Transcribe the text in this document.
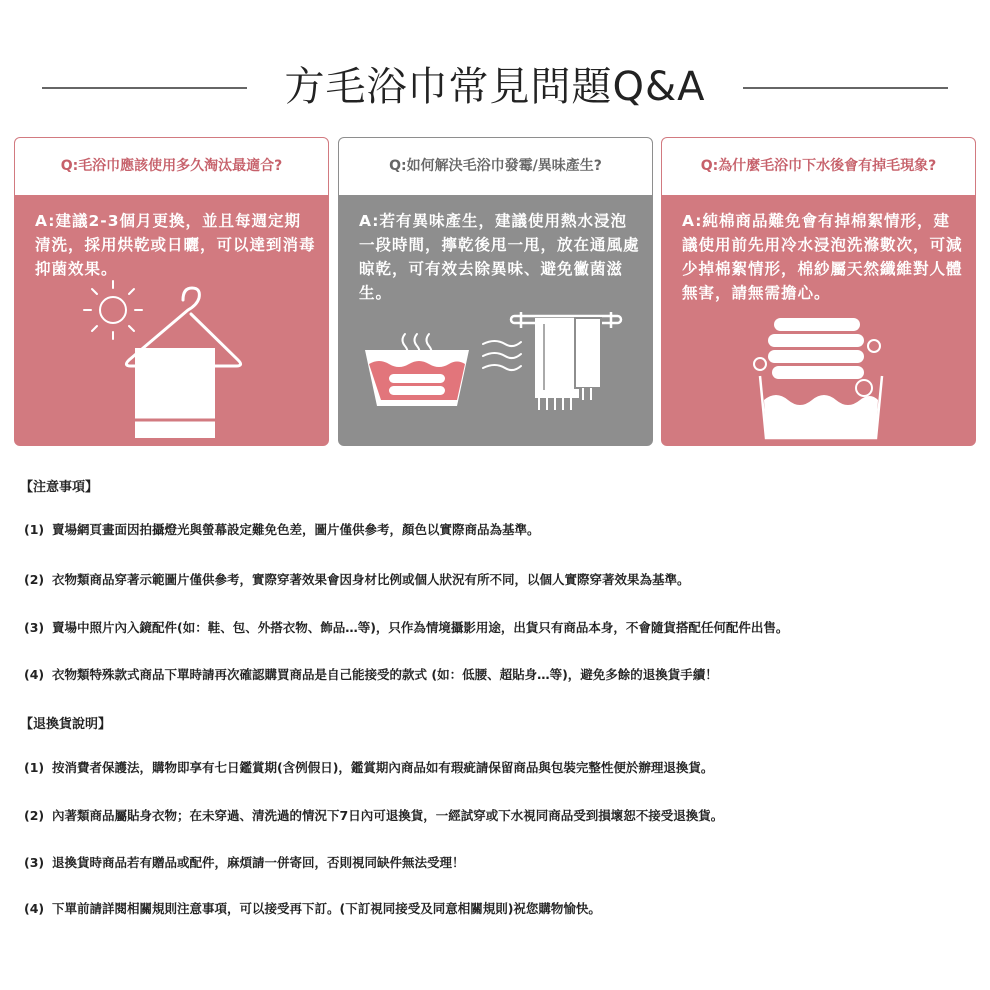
方毛浴巾常見問題Q&A
Q:毛浴巾應該使用多久淘汰最適合?
A:建議2-3個月更換，並且每週定期清洗，採用烘乾或日曬，可以達到消毒抑菌效果。
Q:如何解決毛浴巾發霉/異味產生?
A:若有異味產生，建議使用熱水浸泡一段時間，擰乾後甩一甩，放在通風處晾乾，可有效去除異味、避免黴菌滋生。
Q:為什麼毛浴巾下水後會有掉毛現象?
A:純棉商品難免會有掉棉絮情形，建議使用前先用冷水浸泡洗滌數次，可減少掉棉絮情形，棉紗屬天然纖維對人體無害，請無需擔心。
【注意事項】
(1) 賣場網頁畫面因拍攝燈光與螢幕設定難免色差，圖片僅供參考，顏色以實際商品為基準。
(2) 衣物類商品穿著示範圖片僅供參考，實際穿著效果會因身材比例或個人狀況有所不同，以個人實際穿著效果為基準。
(3) 賣場中照片內入鏡配件(如：鞋、包、外搭衣物、飾品…等)，只作為情境攝影用途，出貨只有商品本身，不會隨貨搭配任何配件出售。
(4) 衣物類特殊款式商品下單時請再次確認購買商品是自己能接受的款式 (如：低腰、超貼身…等)，避免多餘的退換貨手續！
【退換貨說明】
(1) 按消費者保護法，購物即享有七日鑑賞期(含例假日)，鑑賞期內商品如有瑕疵請保留商品與包裝完整性便於辦理退換貨。
(2) 內著類商品屬貼身衣物；在未穿過、清洗過的情況下7日內可退換貨，一經試穿或下水視同商品受到損壞恕不接受退換貨。
(3) 退換貨時商品若有贈品或配件，麻煩請一併寄回，否則視同缺件無法受理！
(4) 下單前請詳閱相關規則注意事項，可以接受再下訂。(下訂視同接受及同意相關規則)祝您購物愉快。
